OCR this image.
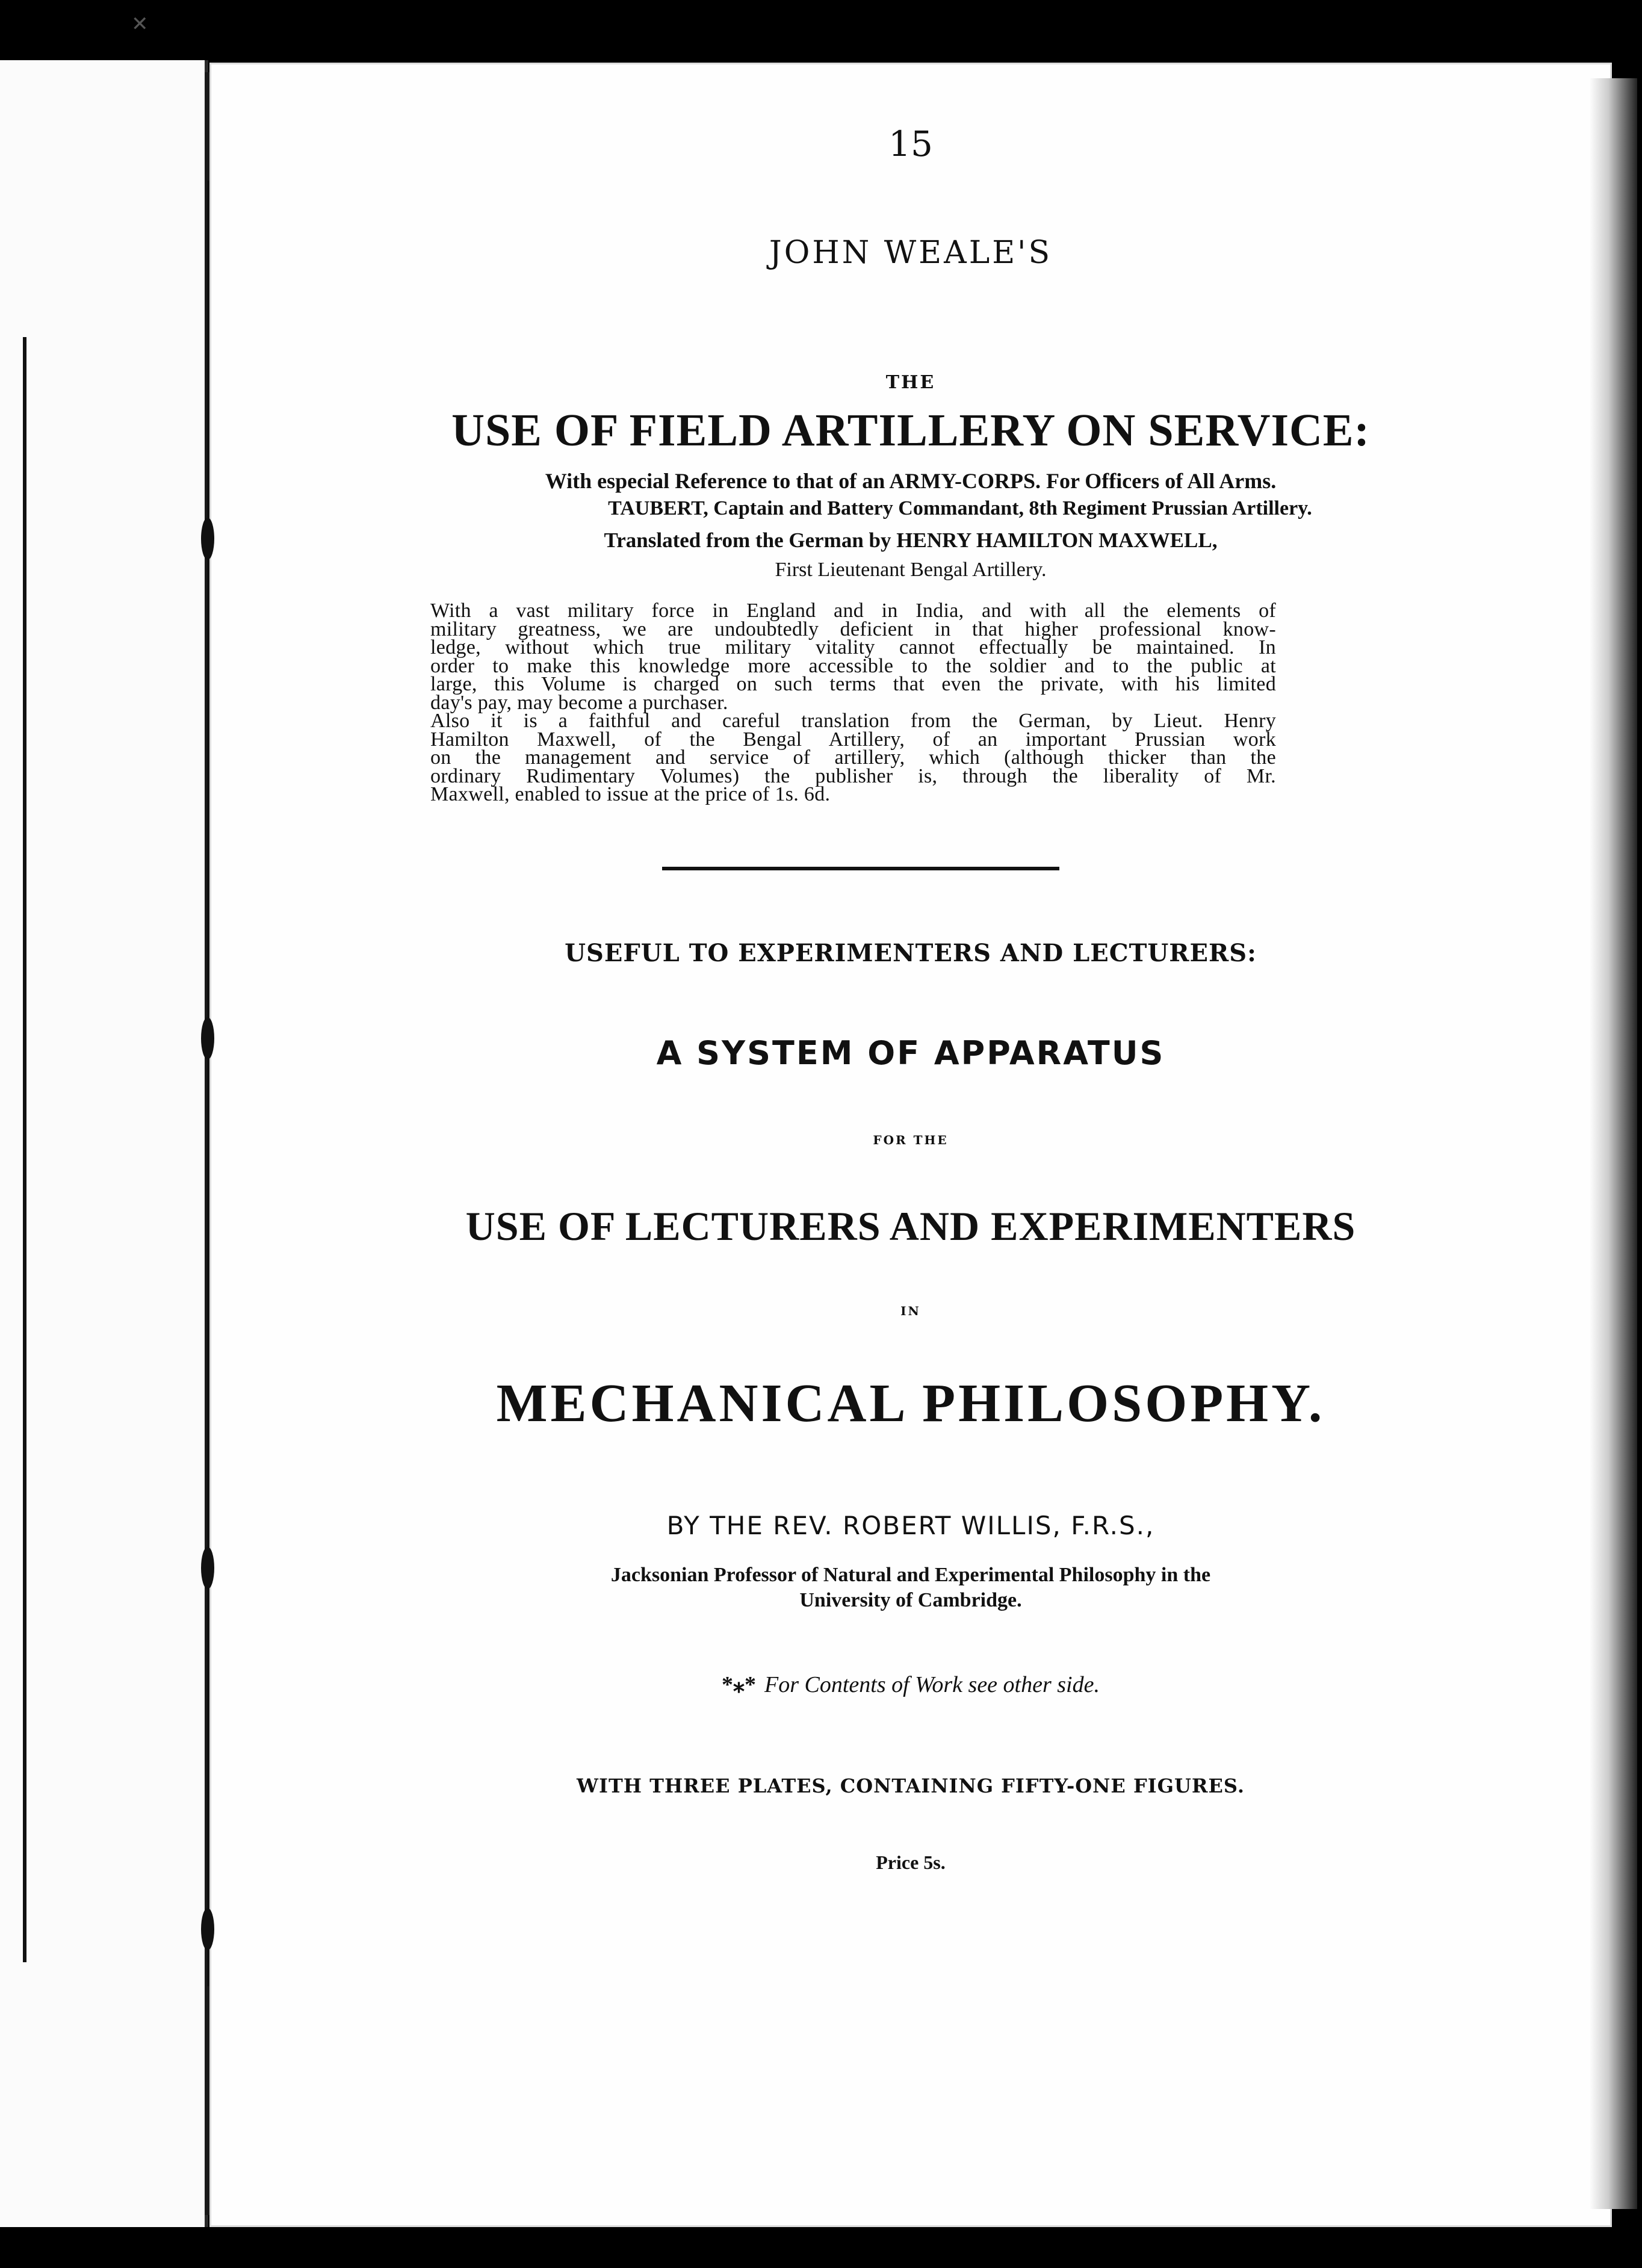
✕
15
JOHN WEALE'S
THE
USE OF FIELD ARTILLERY ON SERVICE:
With especial Reference to that of an ARMY-CORPS. For Officers of All Arms.
TAUBERT, Captain and Battery Commandant, 8th Regiment Prussian Artillery.
Translated from the German by HENRY HAMILTON MAXWELL,
First Lieutenant Bengal Artillery.
With a vast military force in England and in India, and with all the elements of
military greatness, we are undoubtedly deficient in that higher professional know-
ledge, without which true military vitality cannot effectually be maintained. In
order to make this knowledge more accessible to the soldier and to the public at
large, this Volume is charged on such terms that even the private, with his limited
day's pay, may become a purchaser.
Also it is a faithful and careful translation from the German, by Lieut. Henry
Hamilton Maxwell, of the Bengal Artillery, of an important Prussian work
on the management and service of artillery, which (although thicker than the
ordinary Rudimentary Volumes) the publisher is, through the liberality of Mr.
Maxwell, enabled to issue at the price of 1s. 6d.
USEFUL TO EXPERIMENTERS AND LECTURERS:
A SYSTEM OF APPARATUS
FOR THE
USE OF LECTURERS AND EXPERIMENTERS
IN
MECHANICAL PHILOSOPHY.
BY THE REV. ROBERT WILLIS, F.R.S.,
Jacksonian Professor of Natural and Experimental Philosophy in the
University of Cambridge.
*⁎* For Contents of Work see other side.
WITH THREE PLATES, CONTAINING FIFTY-ONE FIGURES.
Price 5s.
